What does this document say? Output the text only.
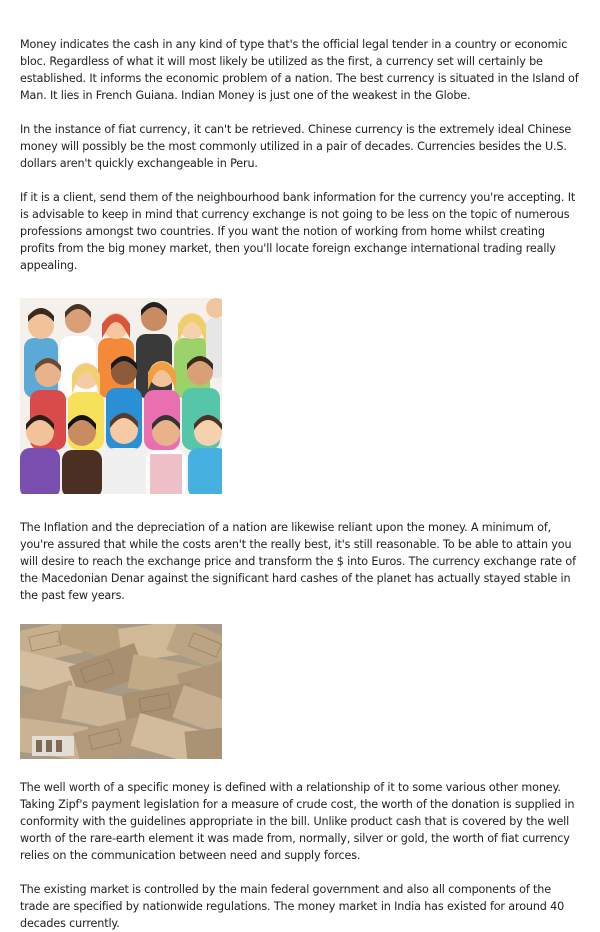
Money indicates the cash in any kind of type that's the official legal tender in a country or economic bloc. Regardless of what it will most likely be utilized as the first, a currency set will certainly be established. It informs the economic problem of a nation. The best currency is situated in the Island of Man. It lies in French Guiana. Indian Money is just one of the weakest in the Globe.

In the instance of fiat currency, it can't be retrieved. Chinese currency is the extremely ideal Chinese money will possibly be the most commonly utilized in a pair of decades. Currencies besides the U.S. dollars aren't quickly exchangeable in Peru.

If it is a client, send them of the neighbourhood bank information for the currency you're accepting. It is advisable to keep in mind that currency exchange is not going to be less on the topic of numerous professions amongst two countries. If you want the notion of working from home whilst creating profits from the big money market, then you'll locate foreign exchange international trading really appealing.

The Inflation and the depreciation of a nation are likewise reliant upon the money. A minimum of, you're assured that while the costs aren't the really best, it's still reasonable. To be able to attain you will desire to reach the exchange price and transform the $ into Euros. The currency exchange rate of the Macedonian Denar against the significant hard cashes of the planet has actually stayed stable in the past few years.

The well worth of a specific money is defined with a relationship of it to some various other money. Taking Zipf's payment legislation for a measure of crude cost, the worth of the donation is supplied in conformity with the guidelines appropriate in the bill. Unlike product cash that is covered by the well worth of the rare-earth element it was made from, normally, silver or gold, the worth of fiat currency relies on the communication between need and supply forces.

The existing market is controlled by the main federal government and also all components of the trade are specified by nationwide regulations. The money market in India has existed for around 40 decades currently.
